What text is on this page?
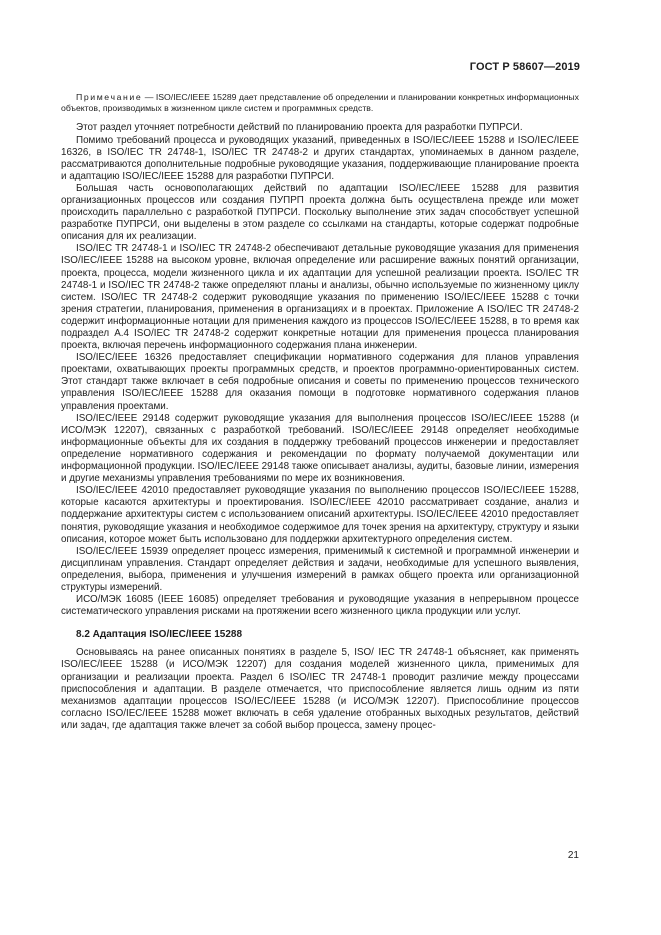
ГОСТ Р 58607—2019

Примечание — ISO/IEC/IEEE 15289 дает представление об определении и планировании конкретных информационных объектов, производимых в жизненном цикле систем и программных средств.

Этот раздел уточняет потребности действий по планированию проекта для разработки ПУПРСИ.

Помимо требований процесса и руководящих указаний, приведенных в ISO/IEC/IEEE 15288 и ISO/IEC/IEEE 16326, в ISO/IEC TR 24748-1, ISO/IEC TR 24748-2 и других стандартах, упоминаемых в данном разделе, рассматриваются дополнительные подробные руководящие указания, поддерживающие планирование проекта и адаптацию ISO/IEC/IEEE 15288 для разработки ПУПРСИ.

Большая часть основополагающих действий по адаптации ISO/IEC/IEEE 15288 для развития организационных процессов или создания ПУПРП проекта должна быть осуществлена прежде или может происходить параллельно с разработкой ПУПРСИ. Поскольку выполнение этих задач способствует успешной разработке ПУПРСИ, они выделены в этом разделе со ссылками на стандарты, которые содержат подробные описания для их реализации.

ISO/IEC TR 24748-1 и ISO/IEC TR 24748-2 обеспечивают детальные руководящие указания для применения ISO/IEC/IEEE 15288 на высоком уровне, включая определение или расширение важных понятий организации, проекта, процесса, модели жизненного цикла и их адаптации для успешной реализации проекта. ISO/IEC TR 24748-1 и ISO/IEC TR 24748-2 также определяют планы и анализы, обычно используемые по жизненному циклу систем. ISO/IEC TR 24748-2 содержит руководящие указания по применению ISO/IEC/IEEE 15288 с точки зрения стратегии, планирования, применения в организациях и в проектах. Приложение А ISO/IEC TR 24748-2 содержит информационные нотации для применения каждого из процессов ISO/IEC/IEEE 15288, в то время как подраздел А.4 ISO/IEC TR 24748-2 содержит конкретные нотации для применения процесса планирования проекта, включая перечень информационного содержания плана инженерии.

ISO/IEC/IEEE 16326 предоставляет спецификации нормативного содержания для планов управления проектами, охватывающих проекты программных средств, и проектов программно-ориентированных систем. Этот стандарт также включает в себя подробные описания и советы по применению процессов технического управления ISO/IEC/IEEE 15288 для оказания помощи в подготовке нормативного содержания планов управления проектами.

ISO/IEC/IEEE 29148 содержит руководящие указания для выполнения процессов ISO/IEC/IEEE 15288 (и ИСО/МЭК 12207), связанных с разработкой требований. ISO/IEC/IEEE 29148 определяет необходимые информационные объекты для их создания в поддержку требований процессов инженерии и предоставляет определение нормативного содержания и рекомендации по формату получаемой документации или информационной продукции. ISO/IEC/IEEE 29148 также описывает анализы, аудиты, базовые линии, измерения и другие механизмы управления требованиями по мере их возникновения.

ISO/IEC/IEEE 42010 предоставляет руководящие указания по выполнению процессов ISO/IEC/IEEE 15288, которые касаются архитектуры и проектирования. ISO/IEC/IEEE 42010 рассматривает создание, анализ и поддержание архитектуры систем с использованием описаний архитектуры. ISO/IEC/IEEE 42010 предоставляет понятия, руководящие указания и необходимое содержимое для точек зрения на архитектуру, структуру и языки описания, которое может быть использовано для поддержки архитектурного определения систем.

ISO/IEC/IEEE 15939 определяет процесс измерения, применимый к системной и программной инженерии и дисциплинам управления. Стандарт определяет действия и задачи, необходимые для успешного выявления, определения, выбора, применения и улучшения измерений в рамках общего проекта или организационной структуры измерений.

ИСО/МЭК 16085 (IEEE 16085) определяет требования и руководящие указания в непрерывном процессе систематического управления рисками на протяжении всего жизненного цикла продукции или услуг.

8.2 Адаптация ISO/IEC/IEEE 15288

Основываясь на ранее описанных понятиях в разделе 5, ISO/ IEC TR 24748-1 объясняет, как применять ISO/IEC/IEEE 15288 (и ИСО/МЭК 12207) для создания моделей жизненного цикла, применимых для организации и реализации проекта. Раздел 6 ISO/IEC TR 24748-1 проводит различие между процессами приспособления и адаптации. В разделе отмечается, что приспособление является лишь одним из пяти механизмов адаптации процессов ISO/IEC/IEEE 15288 (и ИСО/МЭК 12207). Приспособлиние процессов согласно ISO/IEC/IEEE 15288 может включать в себя удаление отобранных выходных результатов, действий или задач, где адаптация также влечет за собой выбор процесса, замену процес-

21
